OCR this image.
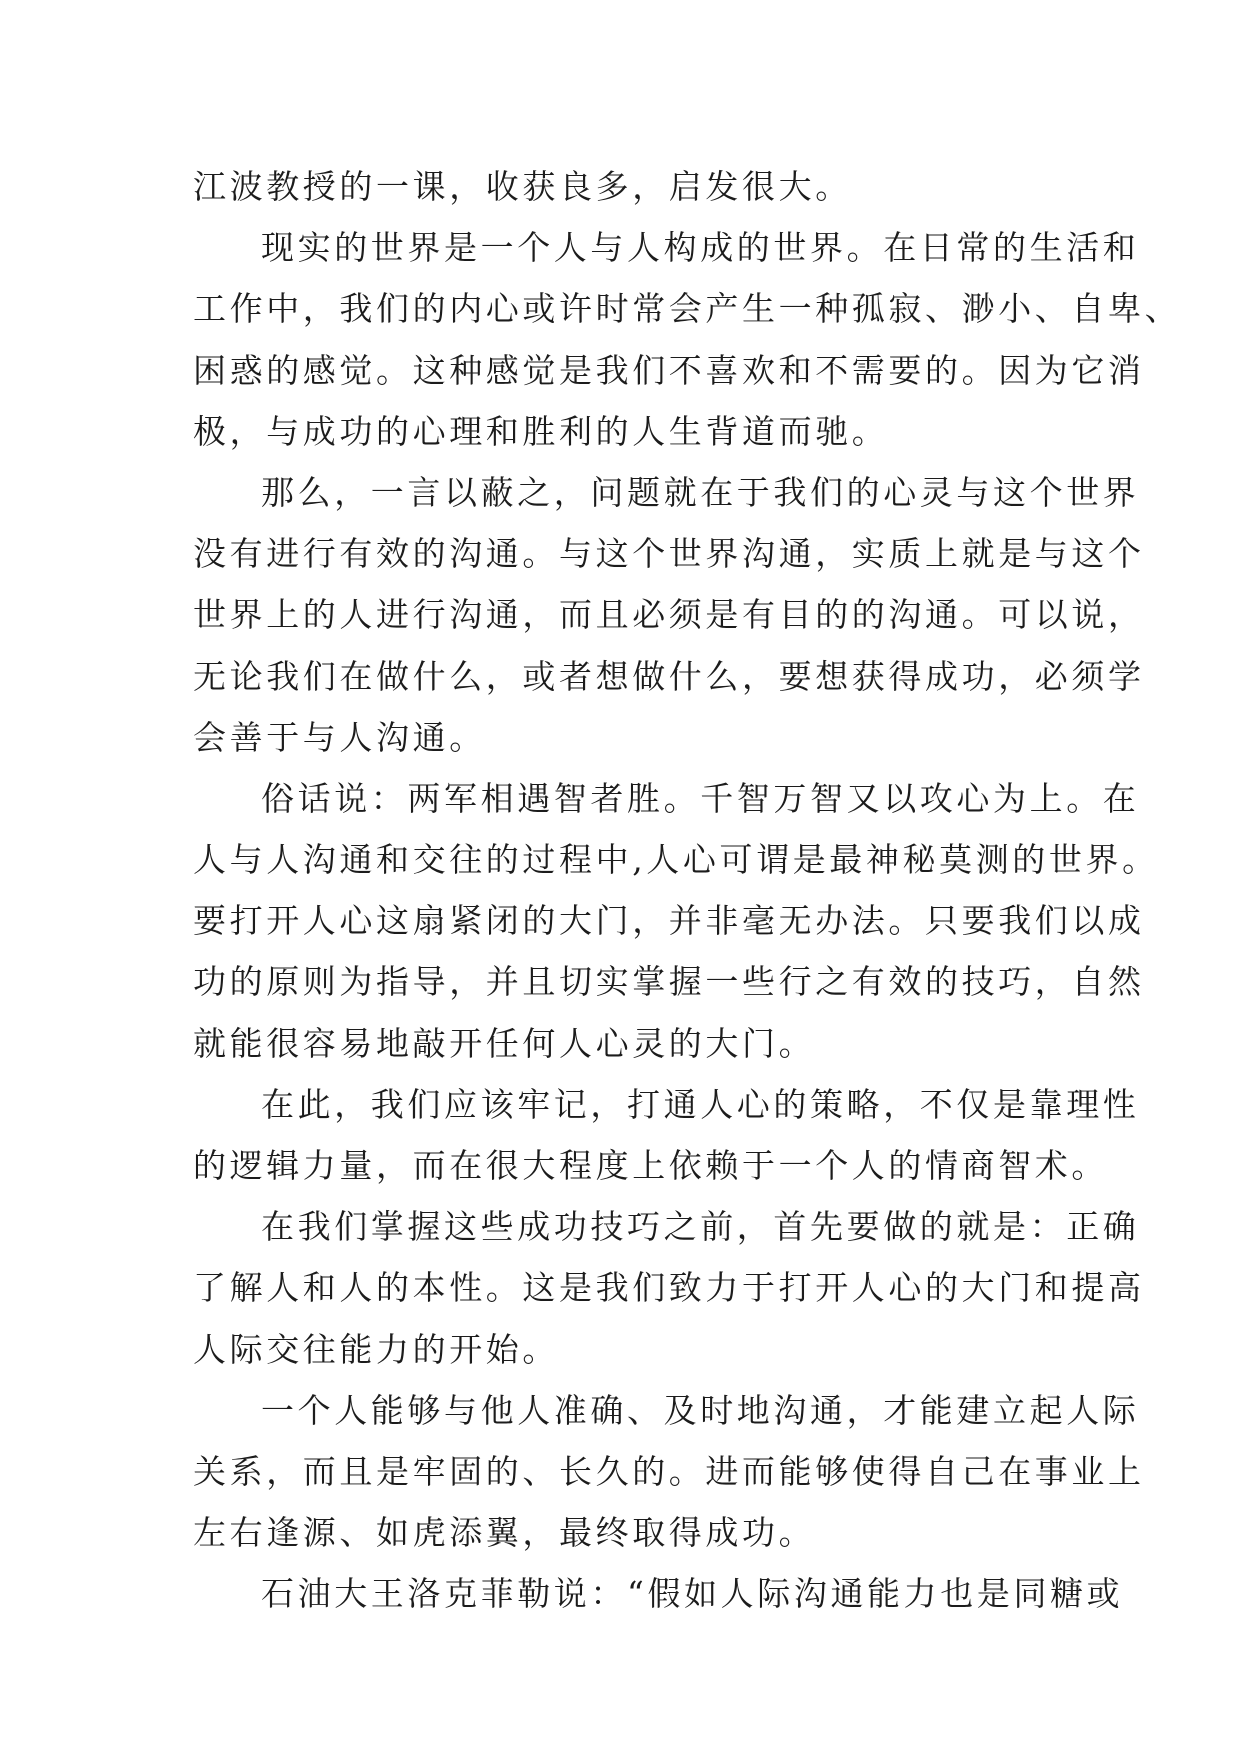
江波教授的一课，收获良多，启发很大。
现实的世界是一个人与人构成的世界。在日常的生活和
工作中，我们的内心或许时常会产生一种孤寂、渺小、自卑、
困惑的感觉。这种感觉是我们不喜欢和不需要的。因为它消
极，与成功的心理和胜利的人生背道而驰。
那么，一言以蔽之，问题就在于我们的心灵与这个世界
没有进行有效的沟通。与这个世界沟通，实质上就是与这个
世界上的人进行沟通，而且必须是有目的的沟通。可以说，
无论我们在做什么，或者想做什么，要想获得成功，必须学
会善于与人沟通。
俗话说：两军相遇智者胜。千智万智又以攻心为上。在
人与人沟通和交往的过程中,人心可谓是最神秘莫测的世界。
要打开人心这扇紧闭的大门，并非毫无办法。只要我们以成
功的原则为指导，并且切实掌握一些行之有效的技巧，自然
就能很容易地敲开任何人心灵的大门。
在此，我们应该牢记，打通人心的策略，不仅是靠理性
的逻辑力量，而在很大程度上依赖于一个人的情商智术。
在我们掌握这些成功技巧之前，首先要做的就是：正确
了解人和人的本性。这是我们致力于打开人心的大门和提高
人际交往能力的开始。
一个人能够与他人准确、及时地沟通，才能建立起人际
关系，而且是牢固的、长久的。进而能够使得自己在事业上
左右逢源、如虎添翼，最终取得成功。
石油大王洛克菲勒说：“假如人际沟通能力也是同糖或
